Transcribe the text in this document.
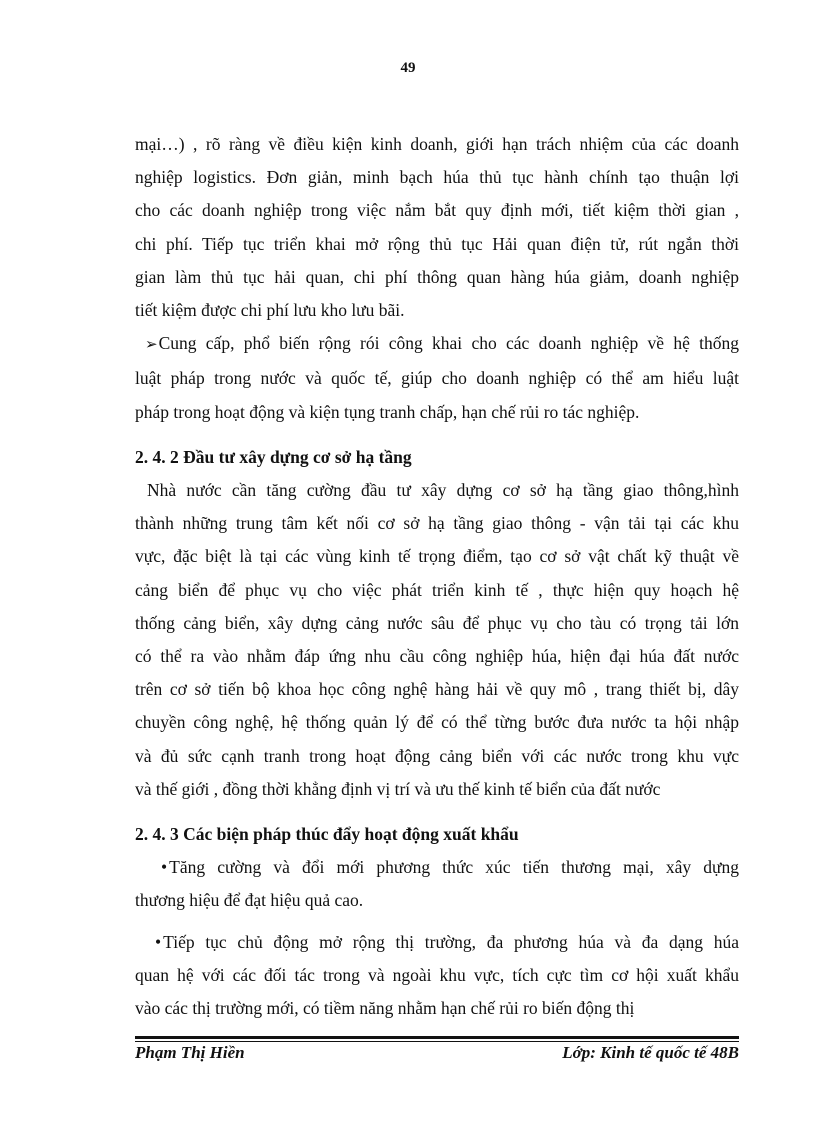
49
mại…) , rõ ràng về điều kiện kinh doanh, giới hạn trách nhiệm của các doanh
nghiệp logistics. Đơn giản, minh bạch húa thủ tục hành chính tạo thuận lợi
cho các doanh nghiệp trong việc nắm bắt quy định mới, tiết kiệm thời gian ,
chi phí. Tiếp tục triển khai mở rộng thủ tục Hải quan điện tử, rút ngắn thời
gian làm thủ tục hải quan, chi phí thông quan hàng húa giảm, doanh nghiệp
tiết kiệm được chi phí lưu kho lưu bãi.
➢Cung cấp, phổ biến rộng rói công khai cho các doanh nghiệp về hệ thống
luật pháp trong nước và quốc tế, giúp cho doanh nghiệp có thể am hiểu luật
pháp trong hoạt động và kiện tụng tranh chấp, hạn chế rủi ro tác nghiệp.
2. 4. 2 Đầu tư xây dựng cơ sở hạ tầng
Nhà nước cần tăng cường đầu tư xây dựng cơ sở hạ tầng giao thông,hình
thành những trung tâm kết nối cơ sở hạ tầng giao thông - vận tải tại các khu
vực, đặc biệt là tại các vùng kinh tế trọng điểm, tạo cơ sở vật chất kỹ thuật về
cảng biển để phục vụ cho việc phát triển kinh tế , thực hiện quy hoạch hệ
thống cảng biển, xây dựng cảng nước sâu để phục vụ cho tàu có trọng tải lớn
có thể ra vào nhằm đáp ứng nhu cầu công nghiệp húa, hiện đại húa đất nước
trên cơ sở tiến bộ khoa học công nghệ hàng hải về quy mô , trang thiết bị, dây
chuyền công nghệ, hệ thống quản lý để có thể từng bước đưa nước ta hội nhập
và đủ sức cạnh tranh trong hoạt động cảng biển với các nước trong khu vực
và thế giới , đồng thời khẳng định vị trí và ưu thế kinh tế biển của đất nước
2. 4. 3 Các biện pháp thúc đẩy hoạt động xuất khẩu
• Tăng cường và đổi mới phương thức xúc tiến thương mại, xây dựng
thương hiệu để đạt hiệu quả cao.
• Tiếp tục chủ động mở rộng thị trường, đa phương húa và đa dạng húa
quan hệ với các đối tác trong và ngoài khu vực, tích cực tìm cơ hội xuất khẩu
vào các thị trường mới, có tiềm năng nhằm hạn chế rủi ro biến động thị
Phạm Thị Hiền	Lớp: Kinh tế quốc tế 48B
